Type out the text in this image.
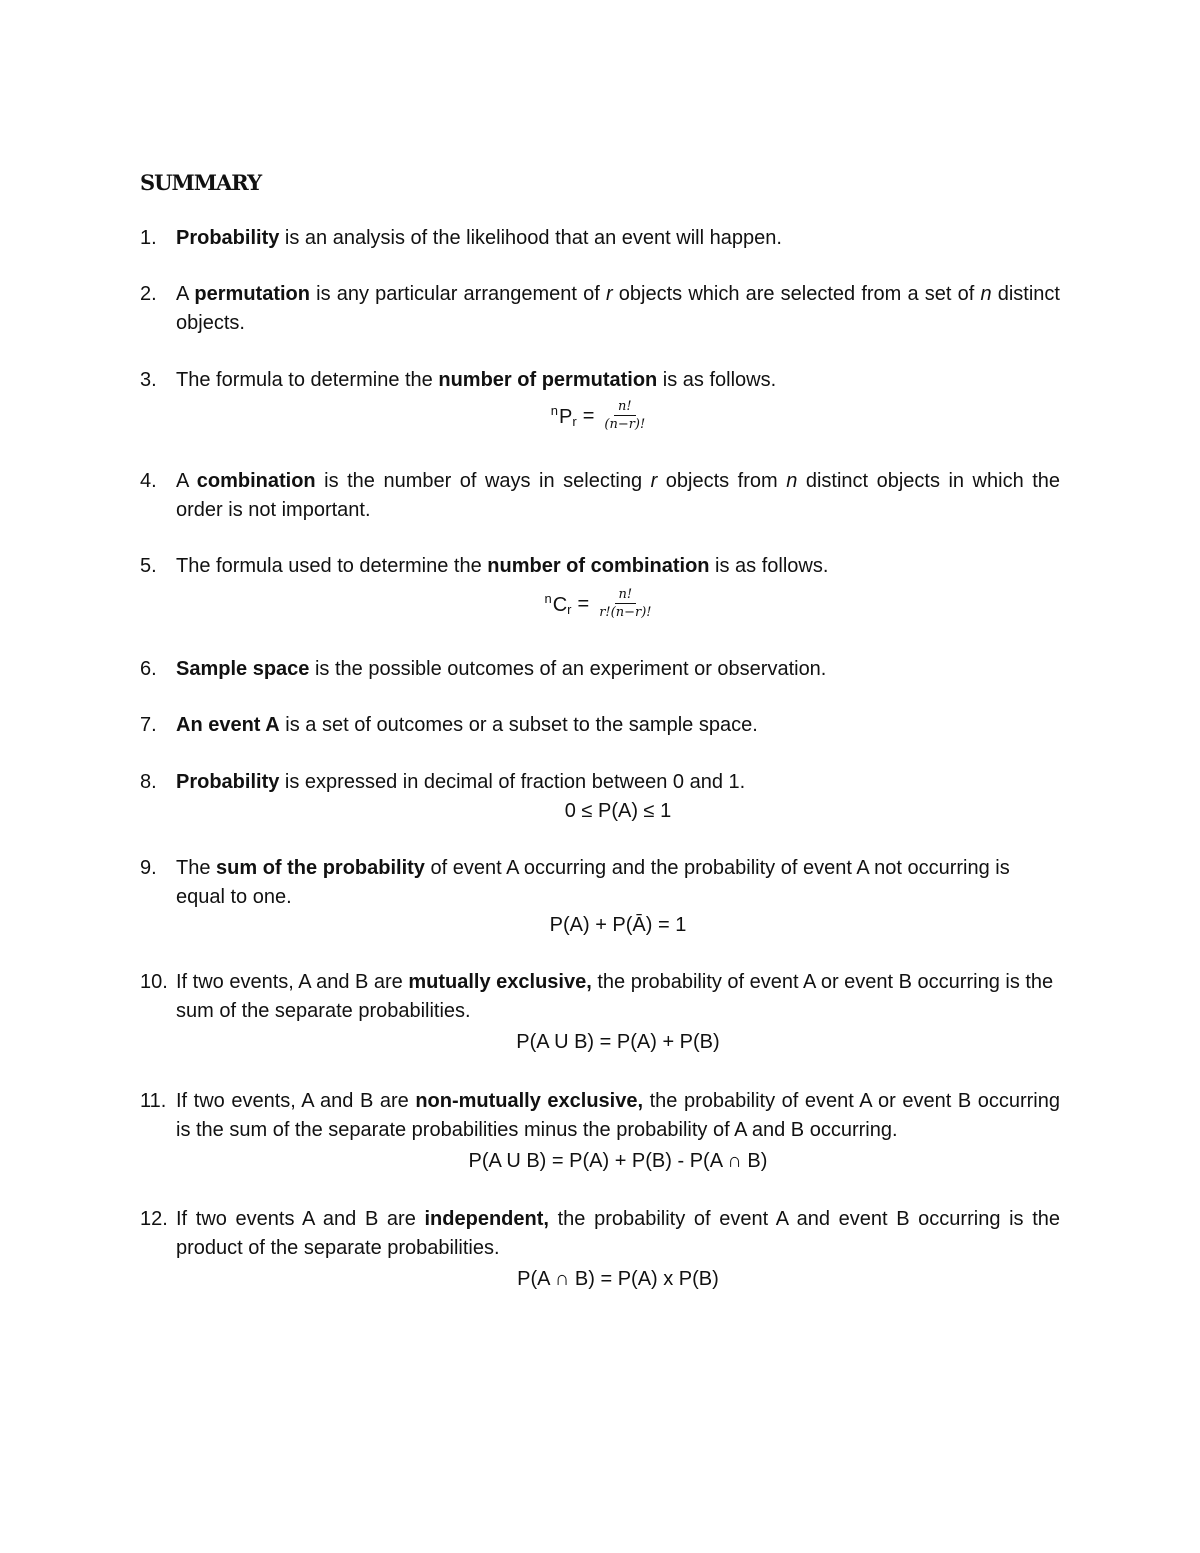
SUMMARY
1. Probability is an analysis of the likelihood that an event will happen.
2. A permutation is any particular arrangement of r objects which are selected from a set of n distinct objects.
3. The formula to determine the number of permutation is as follows.
$^nP_r = \frac{n!}{(n-r)!}$
4. A combination is the number of ways in selecting r objects from n distinct objects in which the order is not important.
5. The formula used to determine the number of combination is as follows.
$^nC_r = \frac{n!}{r!(n-r)!}$
6. Sample space is the possible outcomes of an experiment or observation.
7. An event A is a set of outcomes or a subset to the sample space.
8. Probability is expressed in decimal of fraction between 0 and 1.
0 ≤ P(A) ≤ 1
9. The sum of the probability of event A occurring and the probability of event A not occurring is equal to one.
P(A) + P(Ā) = 1
10. If two events, A and B are mutually exclusive, the probability of event A or event B occurring is the sum of the separate probabilities.
P(A U B) = P(A) + P(B)
11. If two events, A and B are non-mutually exclusive, the probability of event A or event B occurring is the sum of the separate probabilities minus the probability of A and B occurring.
P(A U B) = P(A) + P(B) - P(A ∩ B)
12. If two events A and B are independent, the probability of event A and event B occurring is the product of the separate probabilities.
P(A ∩ B) = P(A) x P(B)
